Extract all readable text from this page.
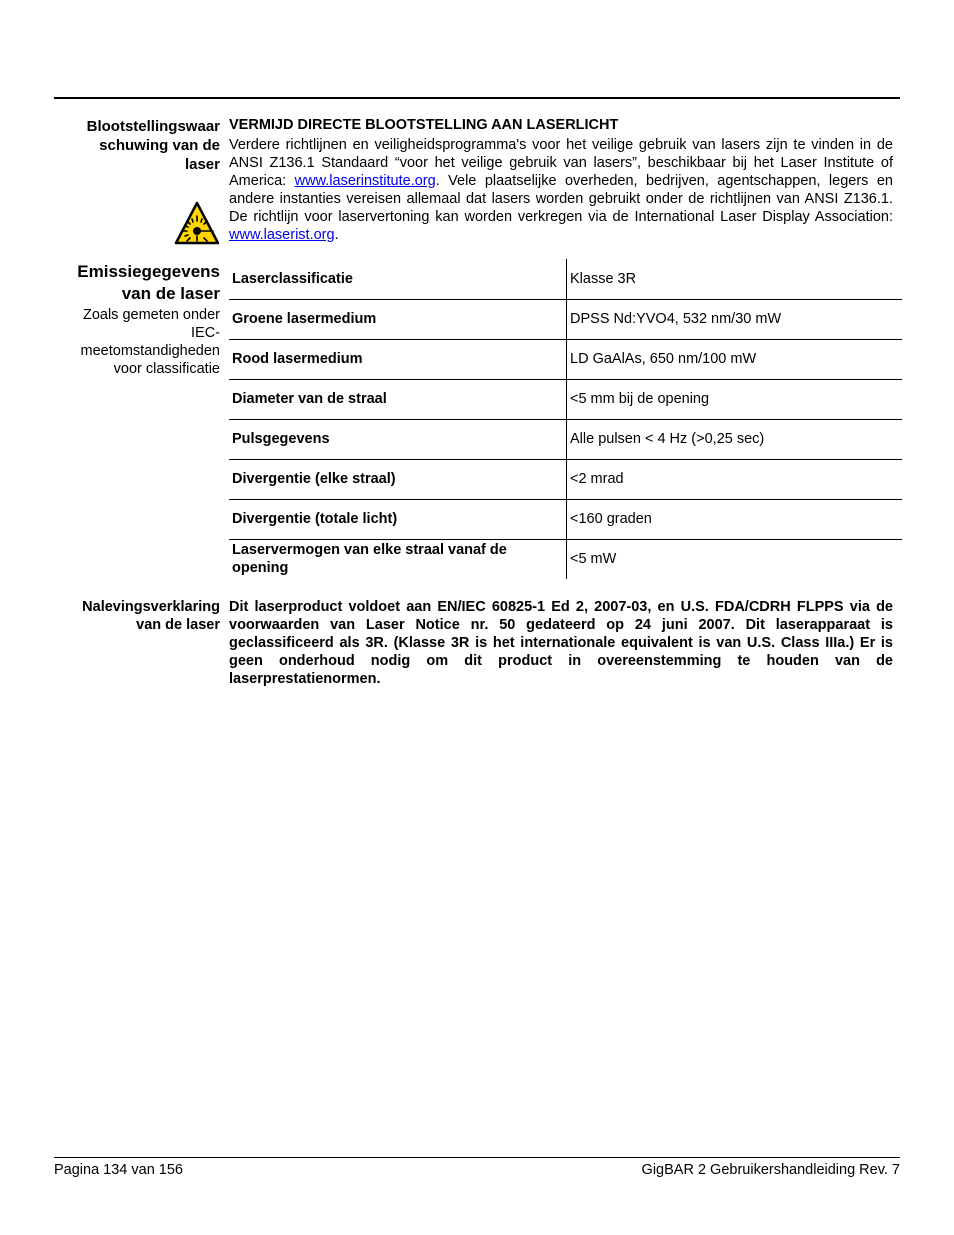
Blootstellingswaar
schuwing van de
laser
VERMIJD DIRECTE BLOOTSTELLING AAN LASERLICHT
Verdere richtlijnen en veiligheidsprogramma's voor het veilige gebruik van lasers zijn te vinden in de ANSI Z136.1 Standaard “voor het veilige gebruik van lasers”, beschikbaar bij het Laser Institute of America: www.laserinstitute.org. Vele plaatselijke overheden, bedrijven, agentschappen, legers en andere instanties vereisen allemaal dat lasers worden gebruikt onder de richtlijnen van ANSI Z136.1. De richtlijn voor laservertoning kan worden verkregen via de International Laser Display Association: www.laserist.org.
Emissiegegevens
van de laser
Zoals gemeten onder
IEC-
meetomstandigheden
voor classificatie
Laserclassificatie	Klasse 3R
Groene lasermedium	DPSS Nd:YVO4, 532 nm/30 mW
Rood lasermedium	LD GaAlAs, 650 nm/100 mW
Diameter van de straal	<5 mm bij de opening
Pulsgegevens	Alle pulsen < 4 Hz (>0,25 sec)
Divergentie (elke straal)	<2 mrad
Divergentie (totale licht)	<160 graden
Laservermogen van elke straal vanaf de opening	<5 mW
Nalevingsverklaring
van de laser
Dit laserproduct voldoet aan EN/IEC 60825-1 Ed 2, 2007-03, en U.S. FDA/CDRH FLPPS via de voorwaarden van Laser Notice nr. 50 gedateerd op 24 juni 2007. Dit laserapparaat is geclassificeerd als 3R. (Klasse 3R is het internationale equivalent is van U.S. Class IIIa.) Er is geen onderhoud nodig om dit product in overeenstemming te houden van de laserprestatienormen.
Pagina 134 van 156	GigBAR 2 Gebruikershandleiding Rev. 7
